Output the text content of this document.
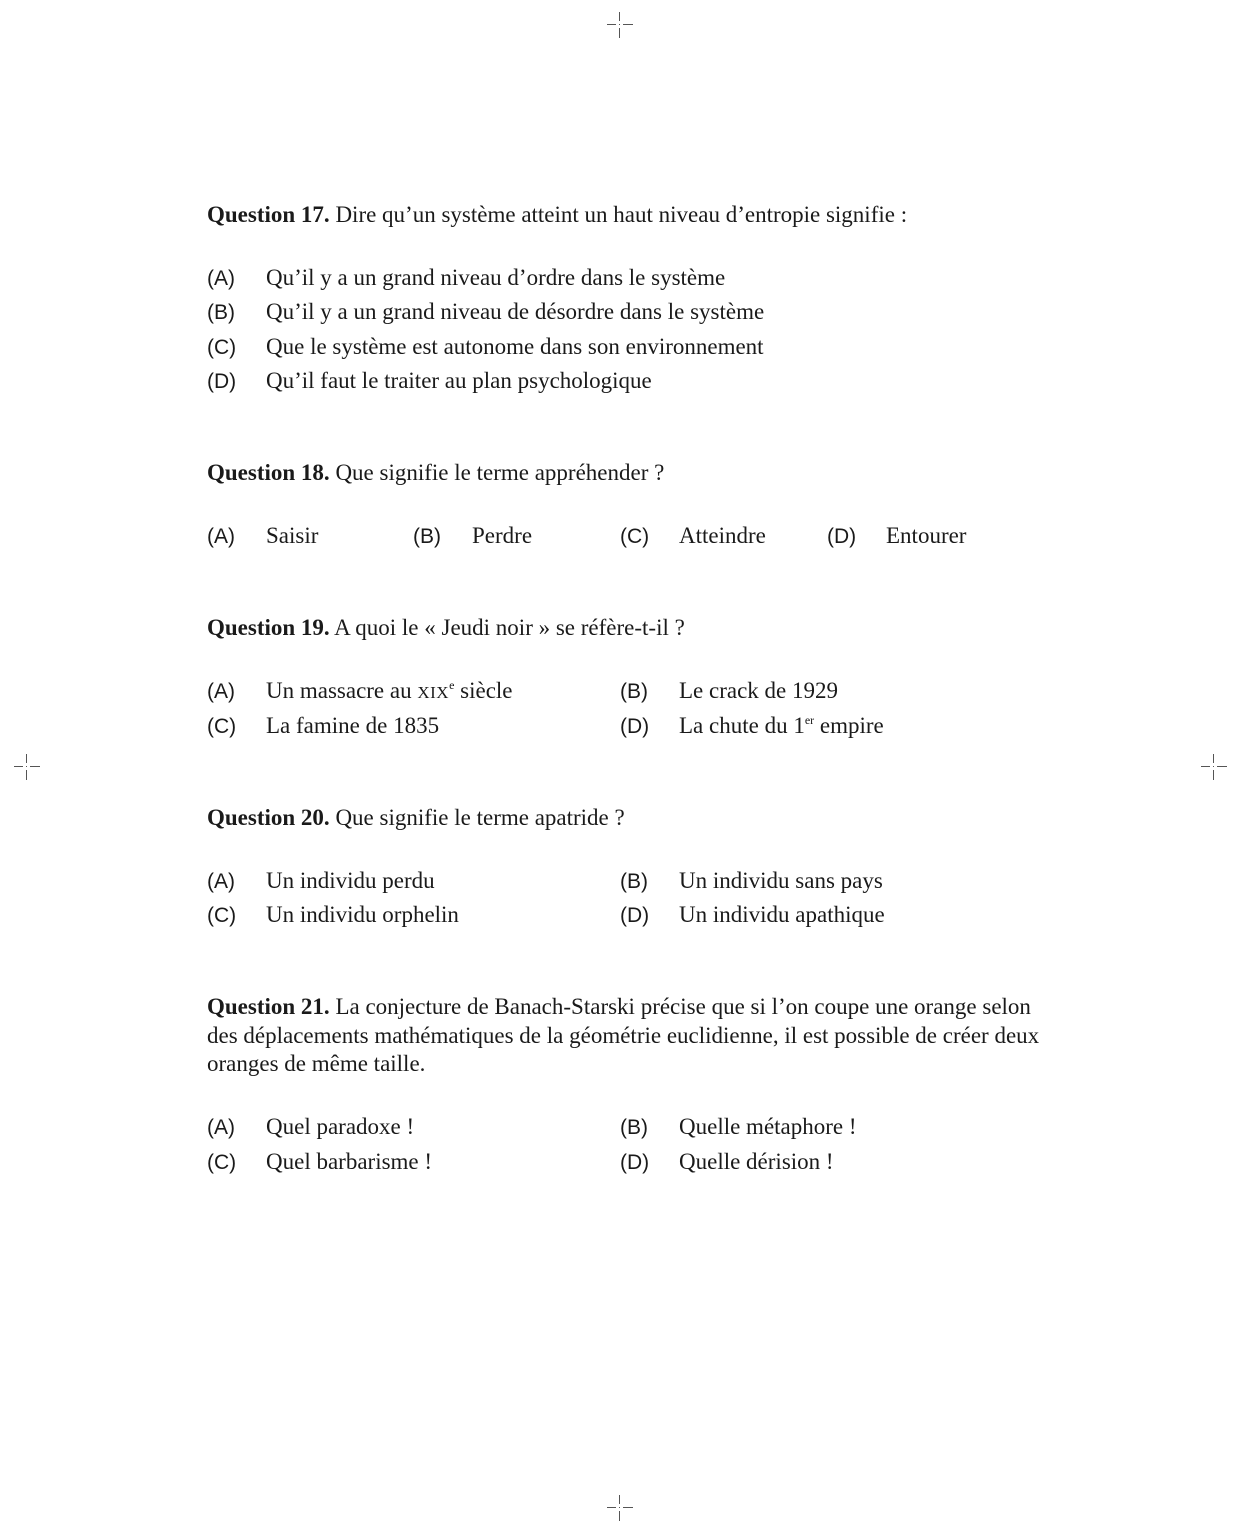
Question 17. Dire qu’un système atteint un haut niveau d’entropie signifie :
(A) Qu’il y a un grand niveau d’ordre dans le système
(B) Qu’il y a un grand niveau de désordre dans le système
(C) Que le système est autonome dans son environnement
(D) Qu’il faut le traiter au plan psychologique
Question 18. Que signifie le terme appréhender ?
(A) Saisir	(B) Perdre	(C) Atteindre	(D) Entourer
Question 19. A quoi le « Jeudi noir » se réfère-t-il ?
(A) Un massacre au XIXe siècle	(B) Le crack de 1929
(C) La famine de 1835	(D) La chute du 1er empire
Question 20. Que signifie le terme apatride ?
(A) Un individu perdu	(B) Un individu sans pays
(C) Un individu orphelin	(D) Un individu apathique
Question 21. La conjecture de Banach-Starski précise que si l’on coupe une orange selon des déplacements mathématiques de la géométrie euclidienne, il est possible de créer deux oranges de même taille.
(A) Quel paradoxe !	(B) Quelle métaphore !
(C) Quel barbarisme !	(D) Quelle dérision !
